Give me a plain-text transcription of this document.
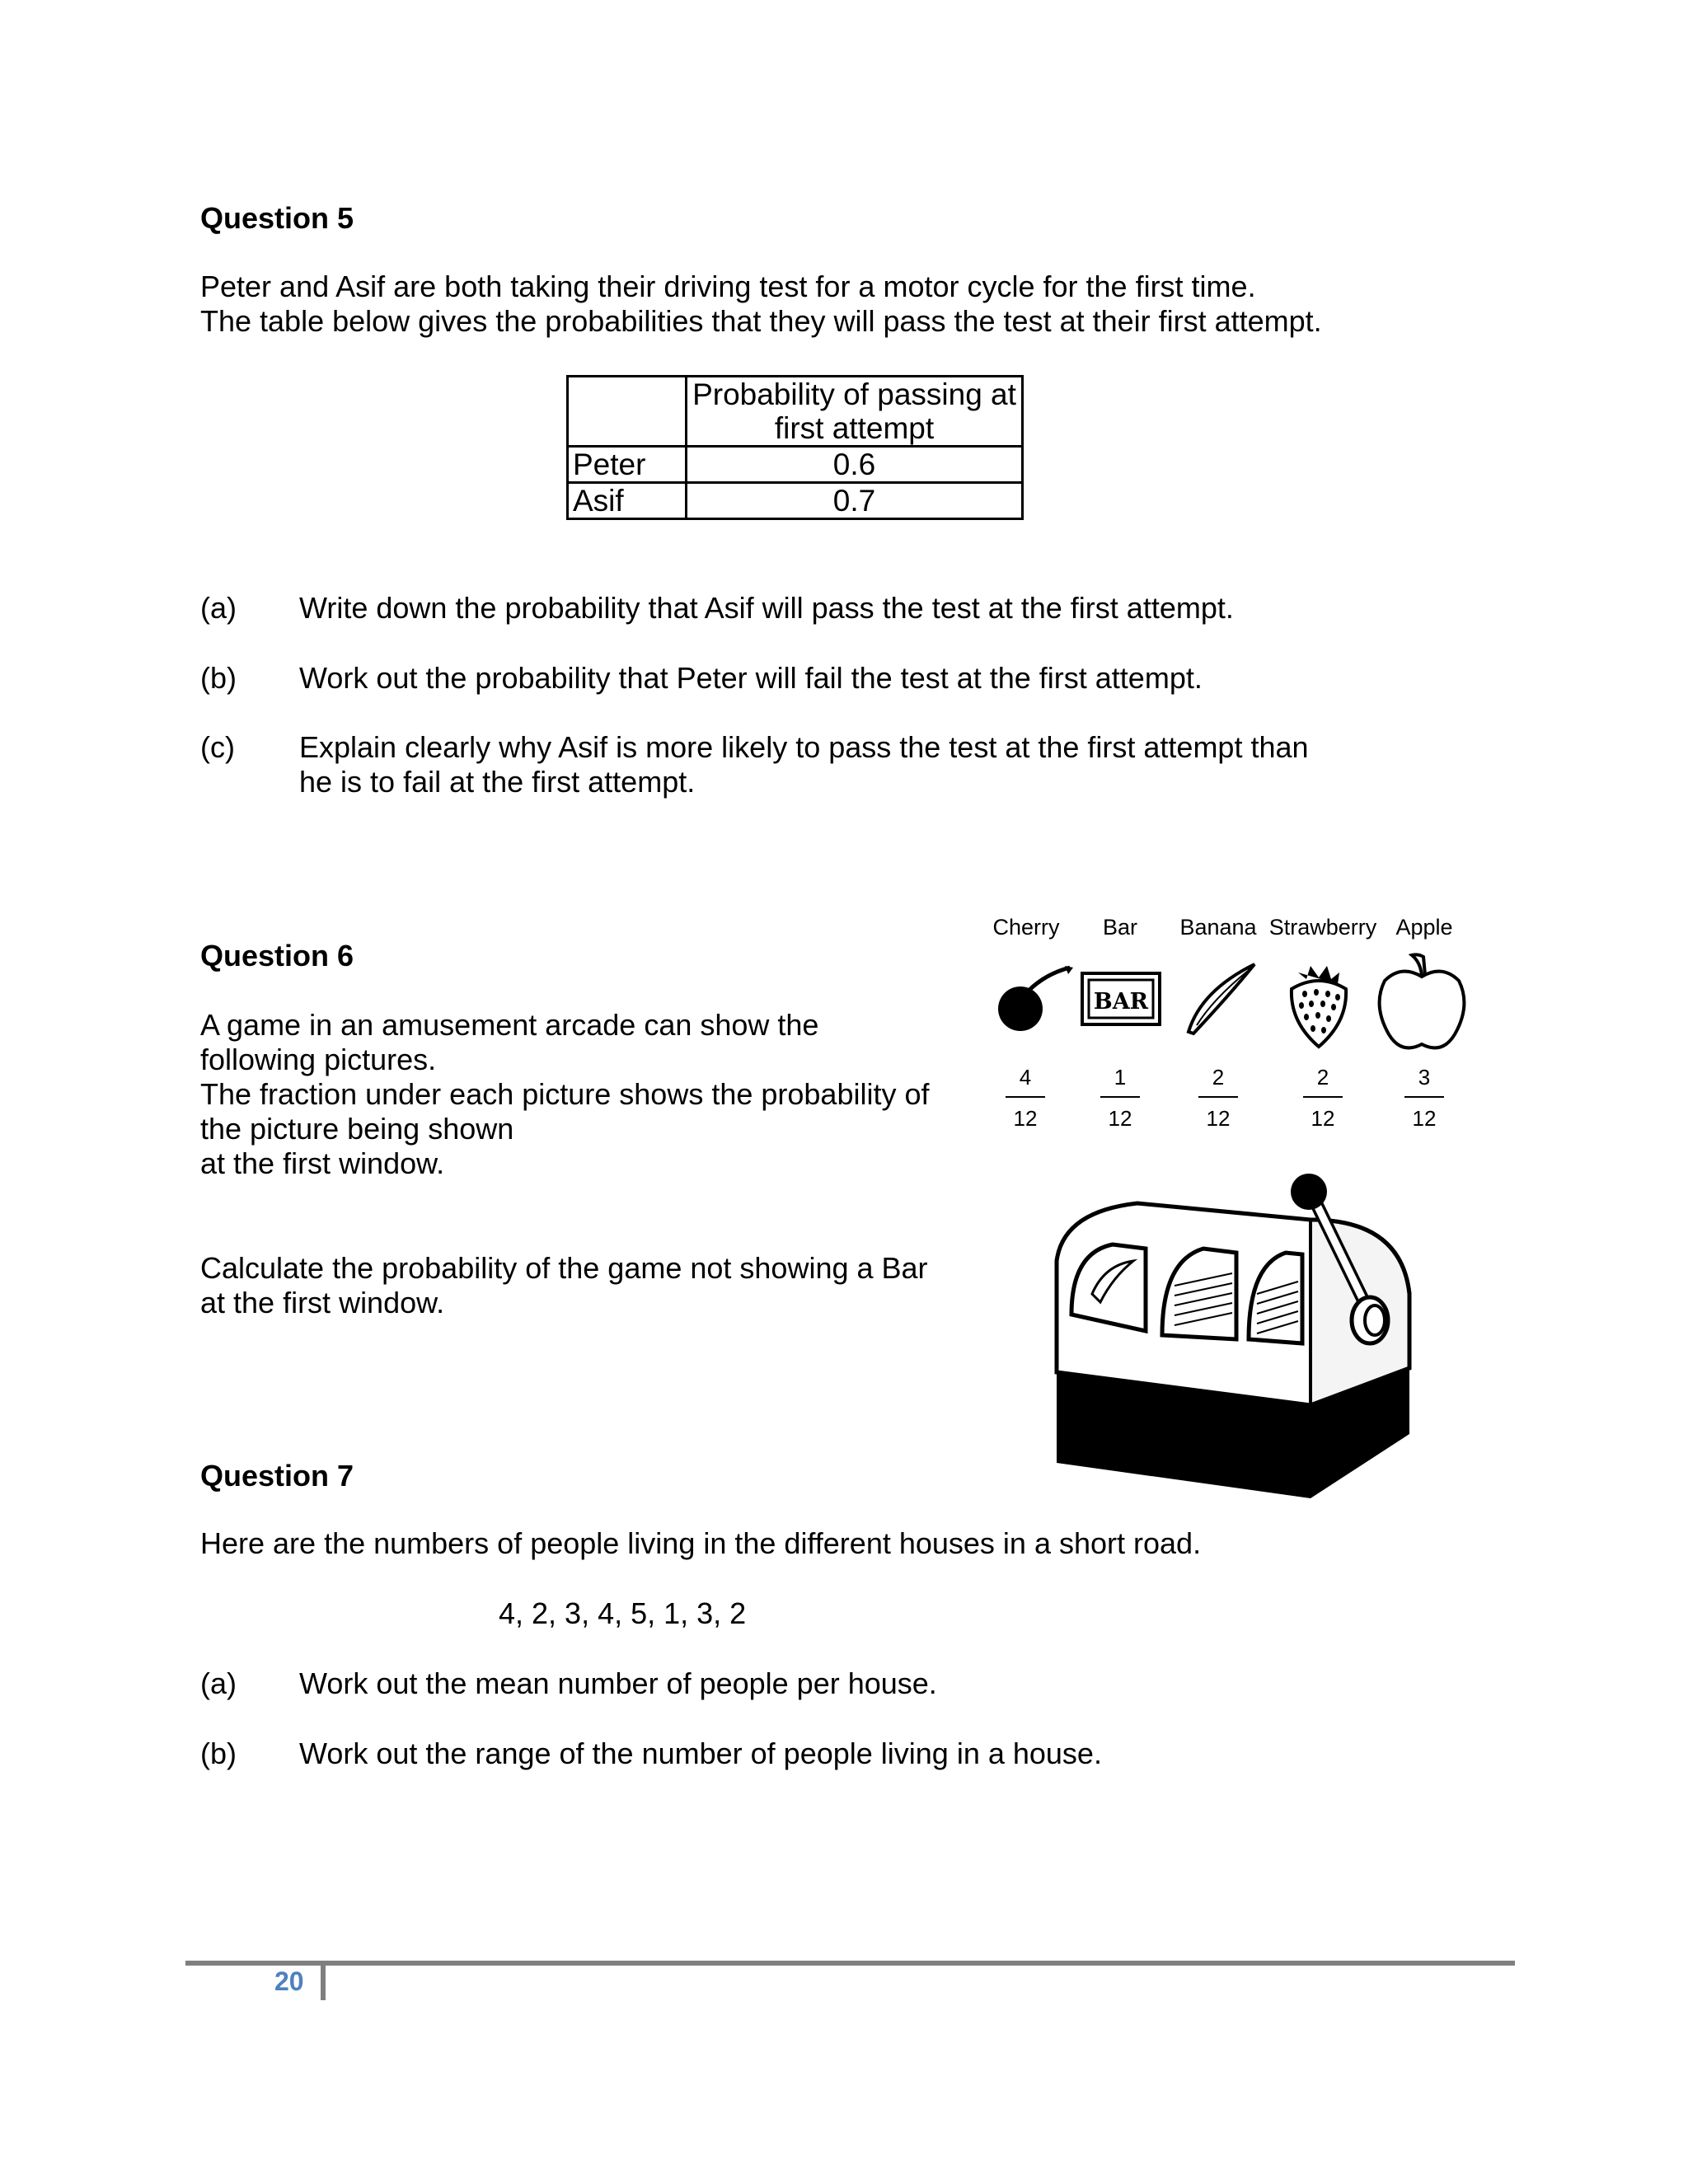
Question 5
Peter and Asif are both taking their driving test for a motor cycle for the first time.
The table below gives the probabilities that they will pass the test at their first attempt.

	Probability of passing at
first attempt

Peter	0.6
Asif	0.7
(a) Write down the probability that Asif will pass the test at the first attempt.
(b) Work out the probability that Peter will fail the test at the first attempt.
(c) Explain clearly why Asif is more likely to pass the test at the first attempt than
he is to fail at the first attempt.
Question 6
A game in an amusement arcade can show the
following pictures.
The fraction under each picture shows the probability of
the picture being shown
at the first window.
Calculate the probability of the game not showing a Bar
at the first window.
Cherry	Bar	Banana Strawberry Apple
BAR
4
12
1
12
2
12
2
12
3
12
Question 7
Here are the numbers of people living in the different houses in a short road.
4, 2, 3, 4, 5, 1, 3, 2
(a) Work out the mean number of people per house.
(b) Work out the range of the number of people living in a house.
20
